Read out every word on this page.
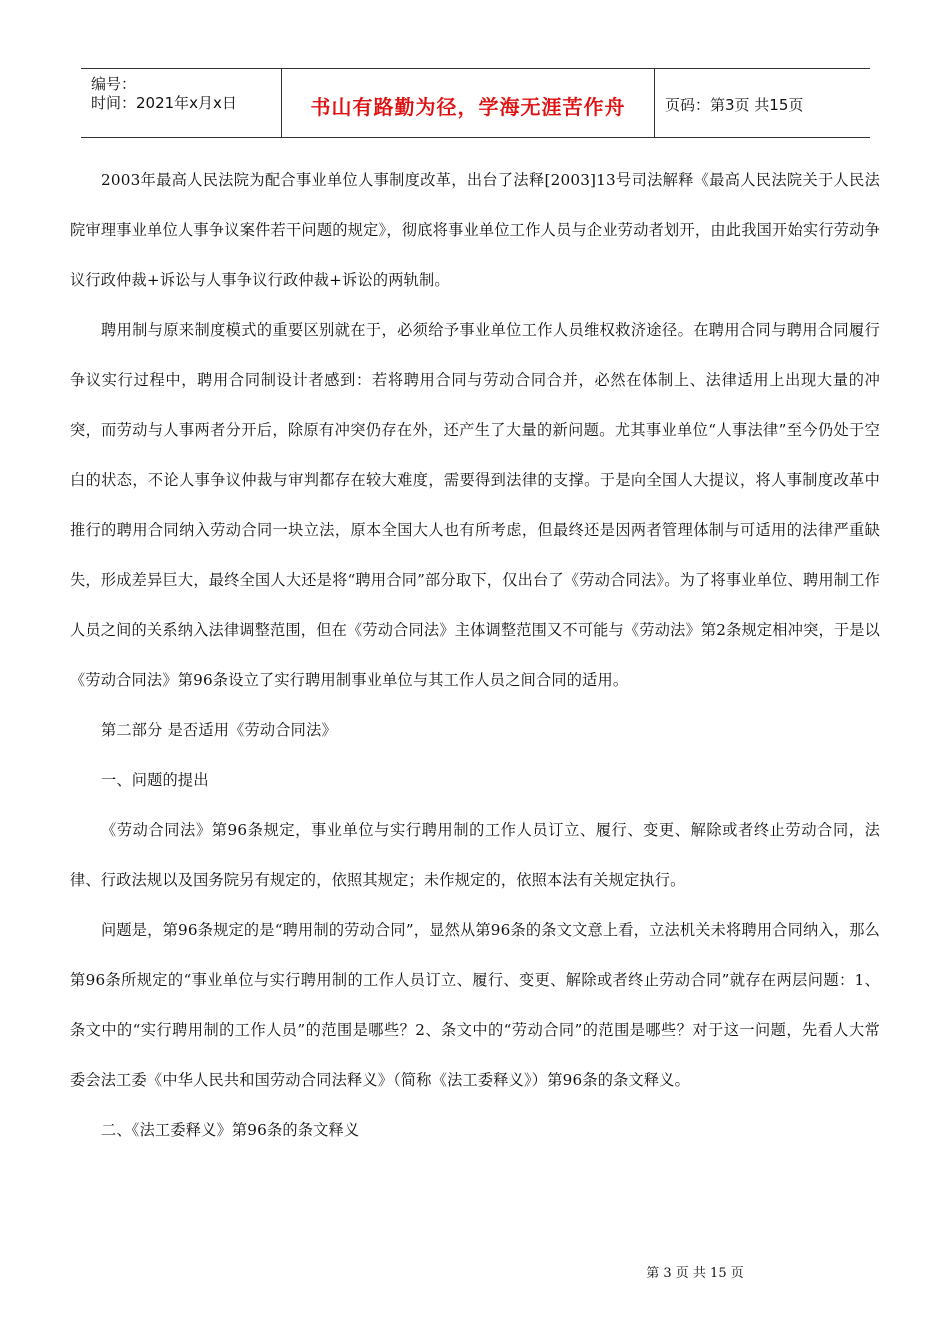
编号：
时间：2021年x月x日	书山有路勤为径，学海无涯苦作舟	页码：第3页 共15页

2003年最高人民法院为配合事业单位人事制度改革，出台了法释[2003]13号司法解释《最高人民法院关于人民法院审理事业单位人事争议案件若干问题的规定》，彻底将事业单位工作人员与企业劳动者划开，由此我国开始实行劳动争议行政仲裁+诉讼与人事争议行政仲裁+诉讼的两轨制。

聘用制与原来制度模式的重要区别就在于，必须给予事业单位工作人员维权救济途径。在聘用合同与聘用合同履行争议实行过程中，聘用合同制设计者感到：若将聘用合同与劳动合同合并，必然在体制上、法律适用上出现大量的冲突，而劳动与人事两者分开后，除原有冲突仍存在外，还产生了大量的新问题。尤其事业单位“人事法律”至今仍处于空白的状态，不论人事争议仲裁与审判都存在较大难度，需要得到法律的支撑。于是向全国人大提议，将人事制度改革中推行的聘用合同纳入劳动合同一块立法，原本全国大人也有所考虑，但最终还是因两者管理体制与可适用的法律严重缺失，形成差异巨大，最终全国人大还是将“聘用合同”部分取下，仅出台了《劳动合同法》。为了将事业单位、聘用制工作人员之间的关系纳入法律调整范围，但在《劳动合同法》主体调整范围又不可能与《劳动法》第2条规定相冲突，于是以《劳动合同法》第96条设立了实行聘用制事业单位与其工作人员之间合同的适用。

第二部分 是否适用《劳动合同法》

一、问题的提出

《劳动合同法》第96条规定，事业单位与实行聘用制的工作人员订立、履行、变更、解除或者终止劳动合同，法律、行政法规以及国务院另有规定的，依照其规定；未作规定的，依照本法有关规定执行。

问题是，第96条规定的是“聘用制的劳动合同”，显然从第96条的条文文意上看，立法机关未将聘用合同纳入，那么第96条所规定的“事业单位与实行聘用制的工作人员订立、履行、变更、解除或者终止劳动合同”就存在两层问题：1、条文中的“实行聘用制的工作人员”的范围是哪些？2、条文中的“劳动合同”的范围是哪些？对于这一问题，先看人大常委会法工委《中华人民共和国劳动合同法释义》（简称《法工委释义》）第96条的条文释义。

二、《法工委释义》第96条的条文释义

第 3 页 共 15 页
